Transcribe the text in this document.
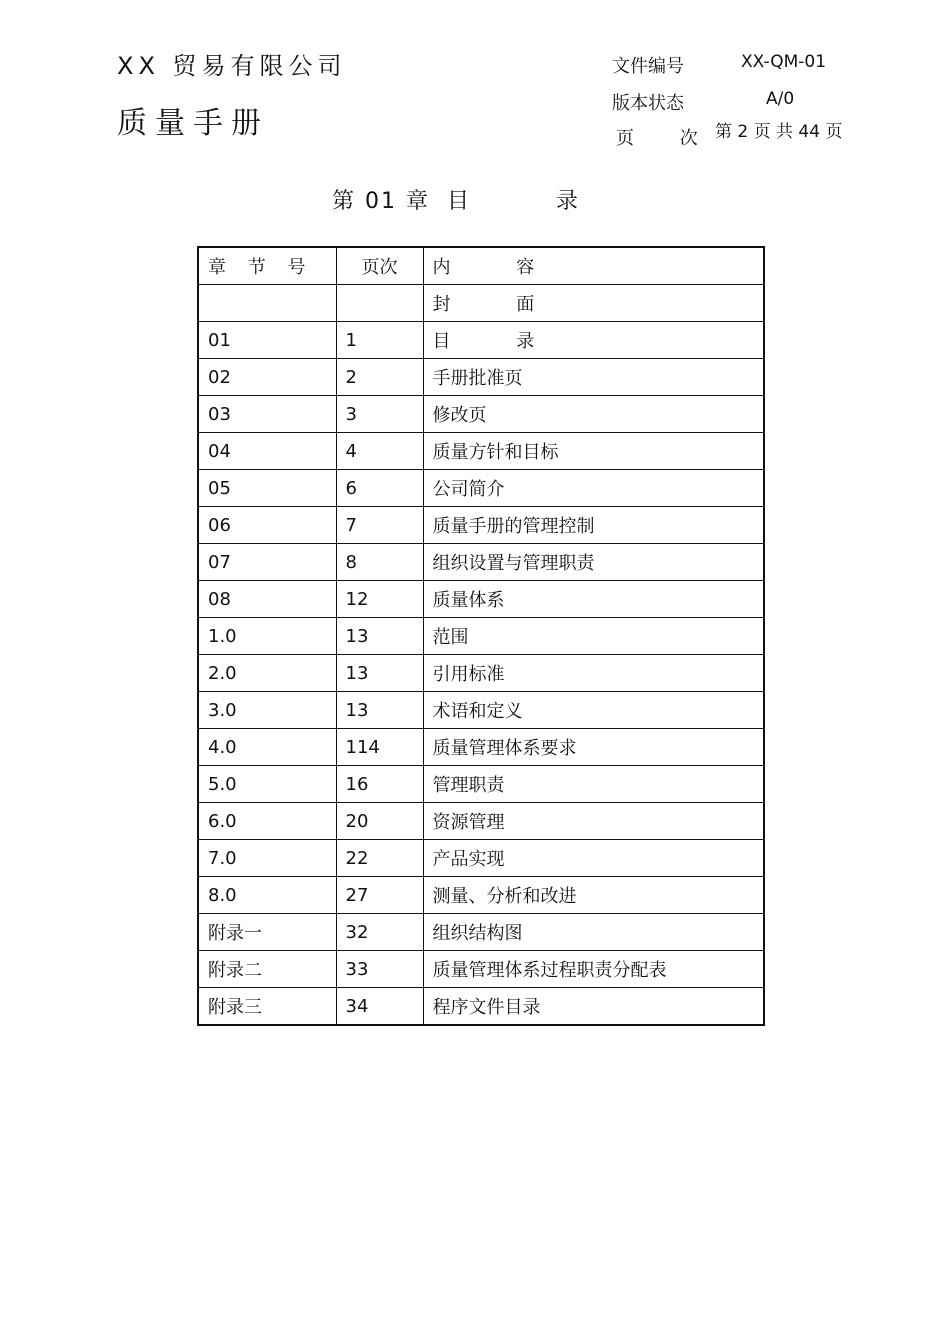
XX 贸易有限公司
质量手册
文件编号	XX-QM-01
版本状态	A/0
页 次
第 2 页 共 44 页
第 01 章 目 录
章 节 号	页次	内 容
		封 面
01	1	目 录
02	2	手册批准页
03	3	修改页
04	4	质量方针和目标
05	6	公司简介
06	7	质量手册的管理控制
07	8	组织设置与管理职责
08	12	质量体系
1.0	13	范围
2.0	13	引用标准
3.0	13	术语和定义
4.0	114	质量管理体系要求
5.0	16	管理职责
6.0	20	资源管理
7.0	22	产品实现
8.0	27	测量、分析和改进
附录一	32	组织结构图
附录二	33	质量管理体系过程职责分配表
附录三	34	程序文件目录
